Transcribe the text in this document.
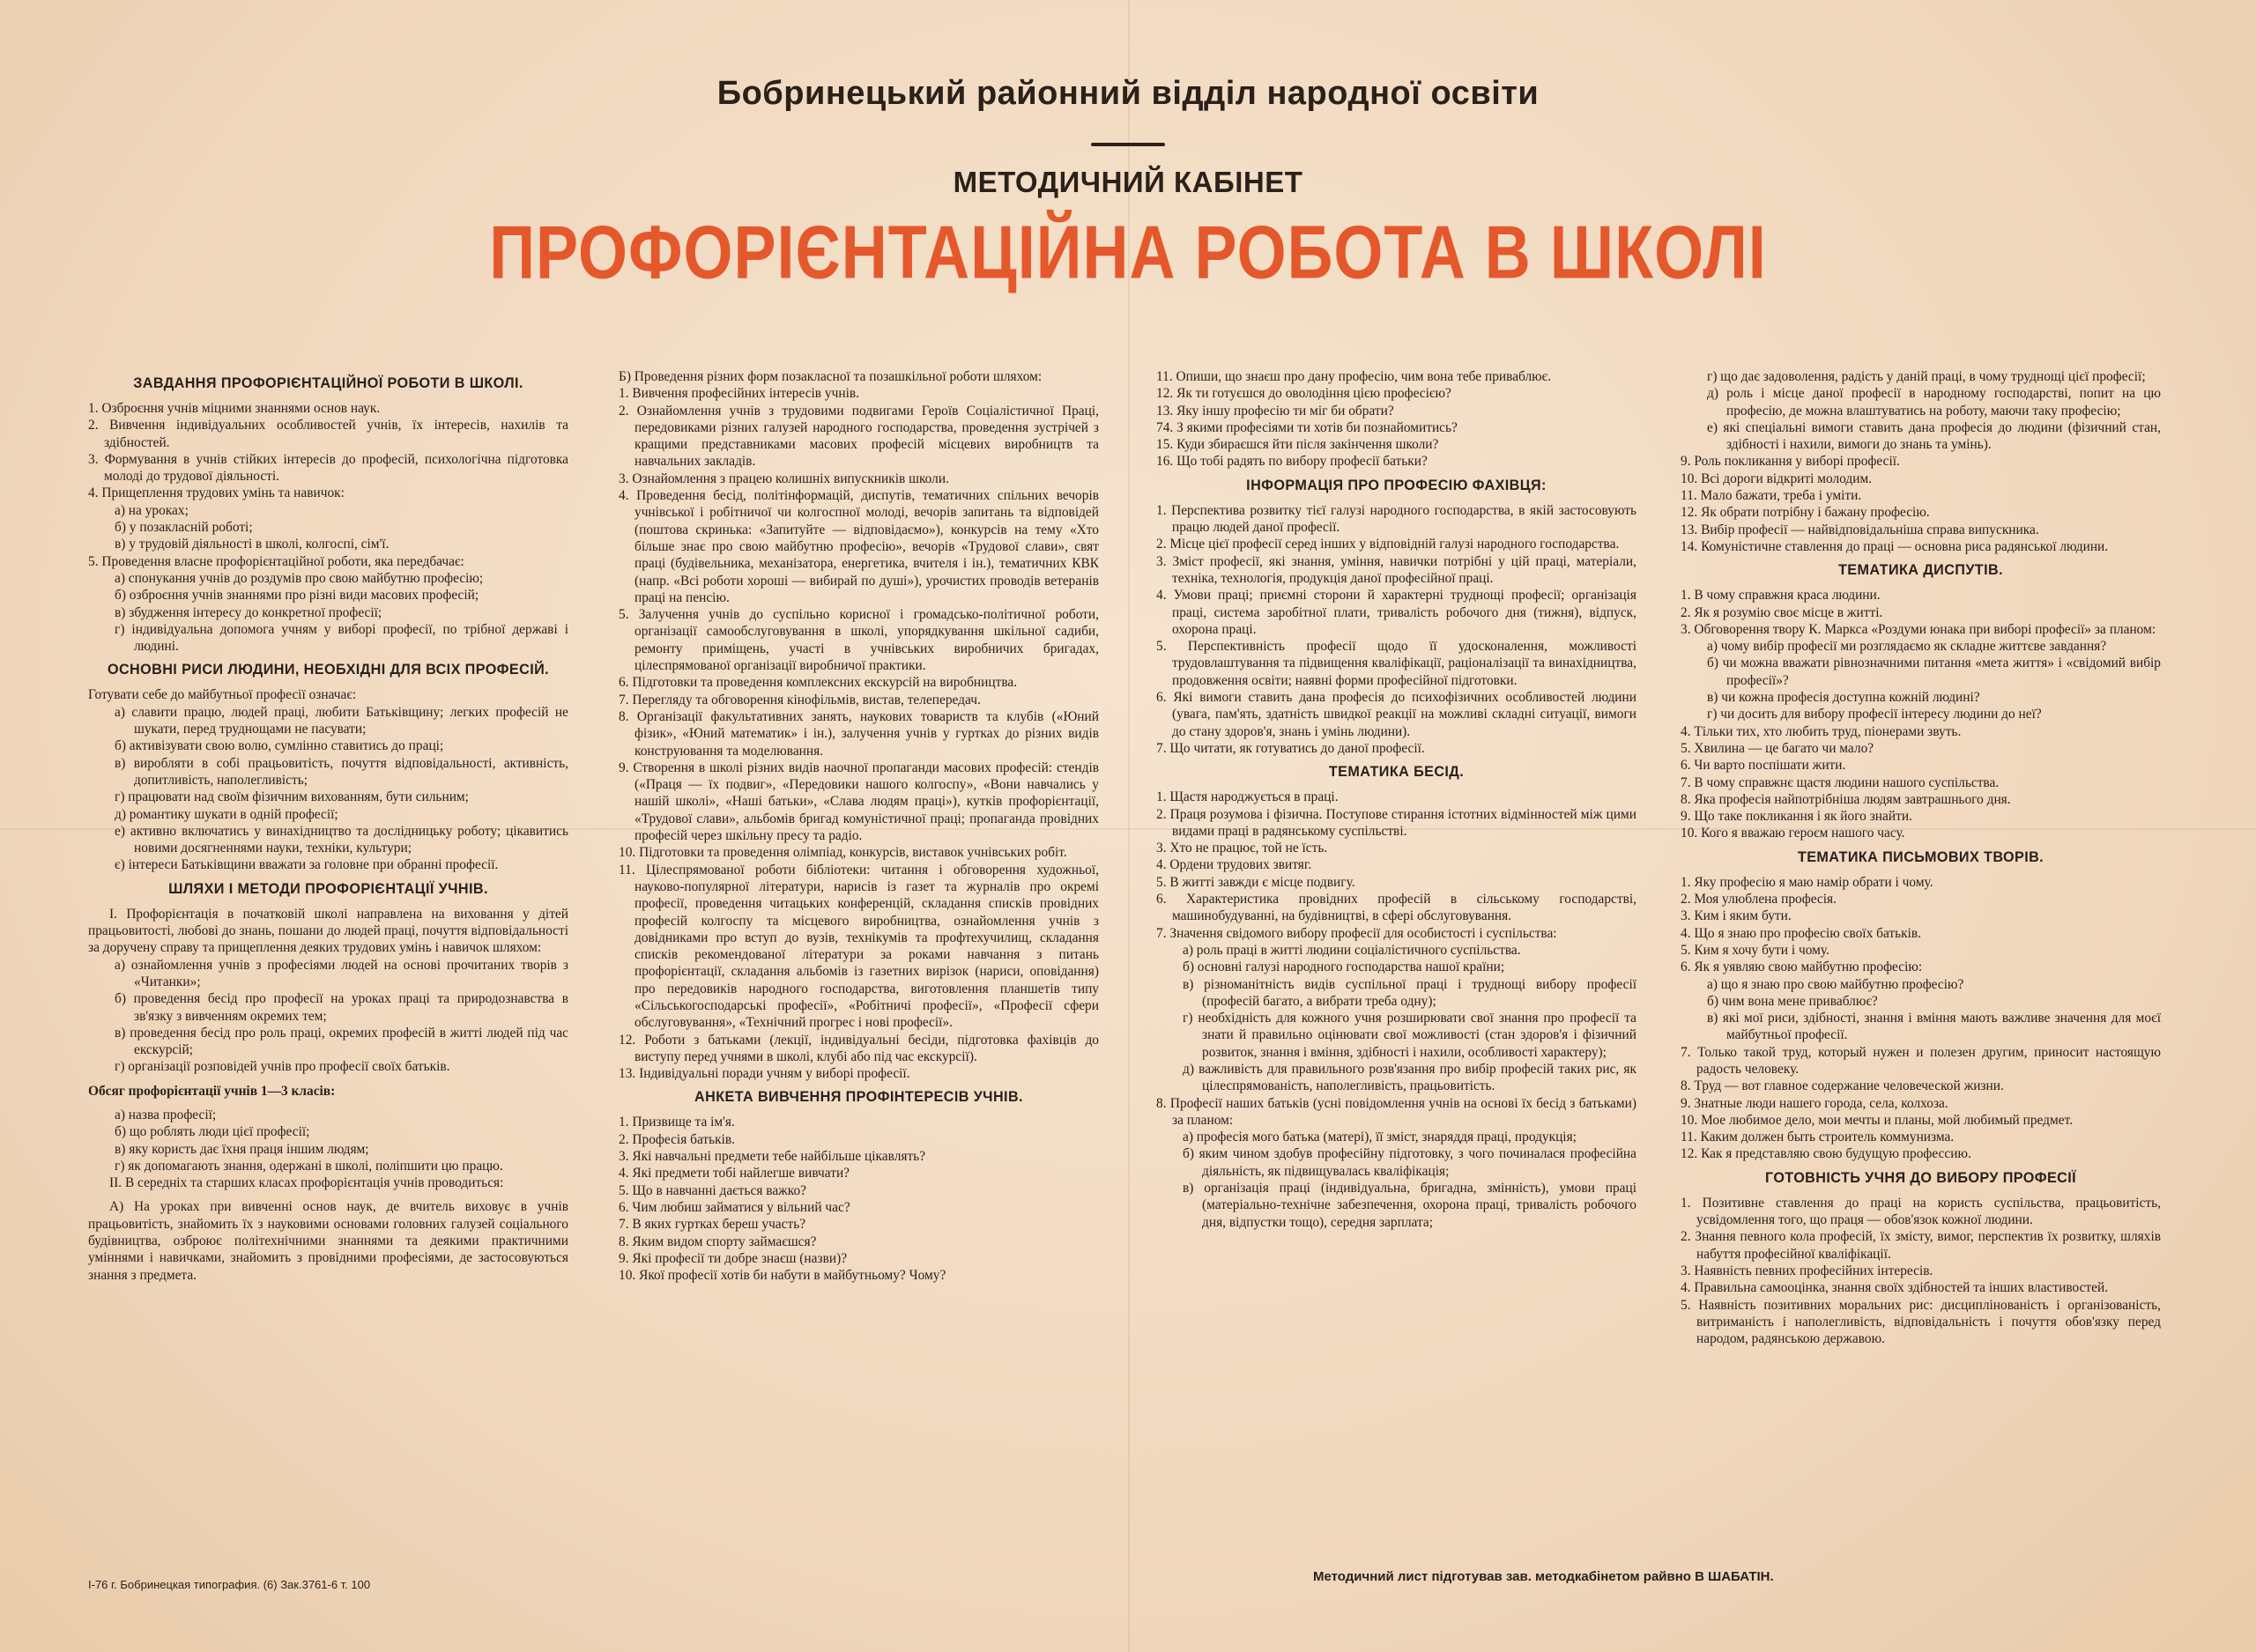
Бобринецький районний відділ народної освіти
МЕТОДИЧНИЙ КАБІНЕТ
ПРОФОРІЄНТАЦІЙНА РОБОТА В ШКОЛІ
ЗАВДАННЯ ПРОФОРІЄНТАЦІЙНОЇ РОБОТИ В ШКОЛІ.
1. Озброєння учнів міцними знаннями основ наук.
2. Вивчення індивідуальних особливостей учнів, їх інтересів, нахилів та здібностей.
3. Формування в учнів стійких інтересів до професій, психологічна підготовка молоді до трудової діяльності.
4. Прищеплення трудових умінь та навичок:
а) на уроках;
б) у позакласній роботі;
в) у трудовій діяльності в школі, колгоспі, сім'ї.
5. Проведення власне профорієнтаційної роботи, яка передбачає:
а) спонукання учнів до роздумів про свою майбутню професію;
б) озброєння учнів знаннями про різні види масових професій;
в) збудження інтересу до конкретної професії;
г) індивідуальна допомога учням у виборі професії, по трібної державі і людині.
ОСНОВНІ РИСИ ЛЮДИНИ, НЕОБХІДНІ ДЛЯ ВСІХ ПРОФЕСІЙ.
Готувати себе до майбутньої професії означає:
а) славити працю, людей праці, любити Батьківщину; легких професій не шукати, перед труднощами не пасувати;
б) активізувати свою волю, сумлінно ставитись до праці;
в) виробляти в собі працьовитість, почуття відповідальності, активність, допитливість, наполегливість;
г) працювати над своїм фізичним вихованням, бути сильним;
д) романтику шукати в одній професії;
е) активно включатись у винахідництво та дослідницьку роботу; цікавитись новими досягненнями науки, техніки, культури;
є) інтереси Батьківщини вважати за головне при обранні професії.
ШЛЯХИ І МЕТОДИ ПРОФОРІЄНТАЦІЇ УЧНІВ.
І. Профорієнтація в початковій школі направлена на виховання у дітей працьовитості, любові до знань, пошани до людей праці, почуття відповідальності за доручену справу та прищеплення деяких трудових умінь і навичок шляхом:
а) ознайомлення учнів з професіями людей на основі прочитаних творів з «Читанки»;
б) проведення бесід про професії на уроках праці та природознавства в зв'язку з вивченням окремих тем;
в) проведення бесід про роль праці, окремих професій в житті людей під час екскурсій;
г) організації розповідей учнів про професії своїх батьків.
Обсяг профорієнтації учнів 1—3 класів:
а) назва професії;
б) що роблять люди цієї професії;
в) яку користь дає їхня праця іншим людям;
г) як допомагають знання, одержані в школі, поліпшити цю працю.
II. В середніх та старших класах профорієнтація учнів проводиться:
А) На уроках при вивченні основ наук, де вчитель виховує в учнів працьовитість, знайомить їх з науковими основами головних галузей соціального будівництва, озброює політехнічними знаннями та деякими практичними уміннями і навичками, знайомить з провідними професіями, де застосовуються знання з предмета.
Б) Проведення різних форм позакласної та позашкільної роботи шляхом:
1. Вивчення професійних інтересів учнів.
2. Ознайомлення учнів з трудовими подвигами Героїв Соціалістичної Праці, передовиками різних галузей народного господарства, проведення зустрічей з кращими представниками масових професій місцевих виробництв та навчальних закладів.
3. Ознайомлення з працею колишніх випускників школи.
4. Проведення бесід, політінформацій, диспутів, тематичних спільних вечорів учнівської і робітничої чи колгоспної молоді, вечорів запитань та відповідей (поштова скринька: «Запитуйте — відповідаємо»), конкурсів на тему «Хто більше знає про свою майбутню професію», вечорів «Трудової слави», свят праці (будівельника, механізатора, енергетика, вчителя і ін.), тематичних КВК (напр. «Всі роботи хороші — вибирай по душі»), урочистих проводів ветеранів праці на пенсію.
5. Залучення учнів до суспільно корисної і громадсько-політичної роботи, організації самообслуговування в школі, упорядкування шкільної садиби, ремонту приміщень, участі в учнівських виробничих бригадах, цілеспрямованої організації виробничої практики.
6. Підготовки та проведення комплексних екскурсій на виробництва.
7. Перегляду та обговорення кінофільмів, вистав, телепередач.
8. Організації факультативних занять, наукових товариств та клубів («Юний фізик», «Юний математик» і ін.), залучення учнів у гуртках до різних видів конструювання та моделювання.
9. Створення в школі різних видів наочної пропаганди масових професій: стендів («Праця — їх подвиг», «Передовики нашого колгоспу», «Вони навчались у нашій школі», «Наші батьки», «Слава людям праці»), кутків профорієнтації, «Трудової слави», альбомів бригад комуністичної праці; пропаганда провідних професій через шкільну пресу та радіо.
10. Підготовки та проведення олімпіад, конкурсів, виставок учнівських робіт.
11. Цілеспрямованої роботи бібліотеки: читання і обговорення художньої, науково-популярної літератури, нарисів із газет та журналів про окремі професії, проведення читацьких конференцій, складання списків провідних професій колгоспу та місцевого виробництва, ознайомлення учнів з довідниками про вступ до вузів, технікумів та профтехучилищ, складання списків рекомендованої літератури за роками навчання з питань профорієнтації, складання альбомів із газетних вирізок (нариси, оповідання) про передовиків народного господарства, виготовлення планшетів типу «Сільськогосподарські професії», «Робітничі професії», «Професії сфери обслуговування», «Технічний прогрес і нові професії».
12. Роботи з батьками (лекції, індивідуальні бесіди, підготовка фахівців до виступу перед учнями в школі, клубі або під час екскурсії).
13. Індивідуальні поради учням у виборі професії.
АНКЕТА ВИВЧЕННЯ ПРОФІНТЕРЕСІВ УЧНІВ.
1. Призвище та ім'я.
2. Професія батьків.
3. Які навчальні предмети тебе найбільше цікавлять?
4. Які предмети тобі найлегше вивчати?
5. Що в навчанні дається важко?
6. Чим любиш займатися у вільний час?
7. В яких гуртках береш участь?
8. Яким видом спорту займаєшся?
9. Які професії ти добре знаєш (назви)?
10. Якої професії хотів би набути в майбутньому? Чому?
11. Опиши, що знаєш про дану професію, чим вона тебе приваблює.
12. Як ти готуєшся до оволодіння цією професією?
13. Яку іншу професію ти міг би обрати?
74. З якими професіями ти хотів би познайомитись?
15. Куди збираєшся йти після закінчення школи?
16. Що тобі радять по вибору професії батьки?
ІНФОРМАЦІЯ ПРО ПРОФЕСІЮ ФАХІВЦЯ:
1. Перспектива розвитку тієї галузі народного господарства, в якій застосовують працю людей даної професії.
2. Місце цієї професії серед інших у відповідній галузі народного господарства.
3. Зміст професії, які знання, уміння, навички потрібні у цій праці, матеріали, техніка, технологія, продукція даної професійної праці.
4. Умови праці; приємні сторони й характерні труднощі професії; організація праці, система заробітної плати, тривалість робочого дня (тижня), відпуск, охорона праці.
5. Перспективність професії щодо її удосконалення, можливості трудовлаштування та підвищення кваліфікації, раціоналізації та винахідництва, продовження освіти; наявні форми професійної підготовки.
6. Які вимоги ставить дана професія до психофізичних особливостей людини (увага, пам'ять, здатність швидкої реакції на можливі складні ситуації, вимоги до стану здоров'я, знань і умінь людини).
7. Що читати, як готуватись до даної професії.
ТЕМАТИКА БЕСІД.
1. Щастя народжується в праці.
2. Праця розумова і фізична. Поступове стирання істотних відмінностей між цими видами праці в радянському суспільстві.
3. Хто не працює, той не їсть.
4. Ордени трудових звитяг.
5. В житті завжди є місце подвигу.
6. Характеристика провідних професій в сільському господарстві, машинобудуванні, на будівництві, в сфері обслуговування.
7. Значення свідомого вибору професії для особистості і суспільства:
а) роль праці в житті людини соціалістичного суспільства.
б) основні галузі народного господарства нашої країни;
в) різноманітність видів суспільної праці і труднощі вибору професії (професій багато, а вибрати треба одну);
г) необхідність для кожного учня розширювати свої знання про професії та знати й правильно оцінювати свої можливості (стан здоров'я і фізичний розвиток, знання і вміння, здібності і нахили, особливості характеру);
д) важливість для правильного розв'язання про вибір професій таких рис, як цілеспрямованість, наполегливість, працьовитість.
8. Професії наших батьків (усні повідомлення учнів на основі їх бесід з батьками) за планом:
а) професія мого батька (матері), її зміст, знаряддя праці, продукція;
б) яким чином здобув професійну підготовку, з чого починалася професійна діяльність, як підвищувалась кваліфікація;
в) організація праці (індивідуальна, бригадна, змінність), умови праці (матеріально-технічне забезпечення, охорона праці, тривалість робочого дня, відпустки тощо), середня зарплата;
г) що дає задоволення, радість у даній праці, в чому труднощі цієї професії;
д) роль і місце даної професії в народному господарстві, попит на цю професію, де можна влаштуватись на роботу, маючи таку професію;
е) які спеціальні вимоги ставить дана професія до людини (фізичний стан, здібності і нахили, вимоги до знань та умінь).
9. Роль покликання у виборі професії.
10. Всі дороги відкриті молодим.
11. Мало бажати, треба і уміти.
12. Як обрати потрібну і бажану професію.
13. Вибір професії — найвідповідальніша справа випускника.
14. Комуністичне ставлення до праці — основна риса радянської людини.
ТЕМАТИКА ДИСПУТІВ.
1. В чому справжня краса людини.
2. Як я розумію своє місце в житті.
3. Обговорення твору К. Маркса «Роздуми юнака при виборі професії» за планом:
а) чому вибір професії ми розглядаємо як складне життєве завдання?
б) чи можна вважати рівнозначними питання «мета життя» і «свідомий вибір професії»?
в) чи кожна професія доступна кожній людині?
г) чи досить для вибору професії інтересу людини до неї?
4. Тільки тих, хто любить труд, піонерами звуть.
5. Хвилина — це багато чи мало?
6. Чи варто поспішати жити.
7. В чому справжнє щастя людини нашого суспільства.
8. Яка професія найпотрібніша людям завтрашнього дня.
9. Що таке покликання і як його знайти.
10. Кого я вважаю героєм нашого часу.
ТЕМАТИКА ПИСЬМОВИХ ТВОРІВ.
1. Яку професію я маю намір обрати і чому.
2. Моя улюблена професія.
3. Ким і яким бути.
4. Що я знаю про професію своїх батьків.
5. Ким я хочу бути і чому.
6. Як я уявляю свою майбутню професію:
а) що я знаю про свою майбутню професію?
б) чим вона мене приваблює?
в) які мої риси, здібності, знання і вміння мають важливе значення для моєї майбутньої професії.
7. Только такой труд, который нужен и полезен другим, приносит настоящую радость человеку.
8. Труд — вот главное содержание человеческой жизни.
9. Знатные люди нашего города, села, колхоза.
10. Мое любимое дело, мои мечты и планы, мой любимый предмет.
11. Каким должен быть строитель коммунизма.
12. Как я представляю свою будущую профессию.
ГОТОВНІСТЬ УЧНЯ ДО ВИБОРУ ПРОФЕСІЇ
1. Позитивне ставлення до праці на користь суспільства, працьовитість, усвідомлення того, що праця — обов'язок кожної людини.
2. Знання певного кола професій, їх змісту, вимог, перспектив їх розвитку, шляхів набуття професійної кваліфікації.
3. Наявність певних професійних інтересів.
4. Правильна самооцінка, знання своїх здібностей та інших властивостей.
5. Наявність позитивних моральних рис: дисциплінованість і організованість, витриманість і наполегливість, відповідальність і почуття обов'язку перед народом, радянською державою.
І-76 г. Бобринецкая типография. (6) Зак.3761-6 т. 100
Методичний лист підготував зав. методкабінетом райвно В ШАБАТІН.
